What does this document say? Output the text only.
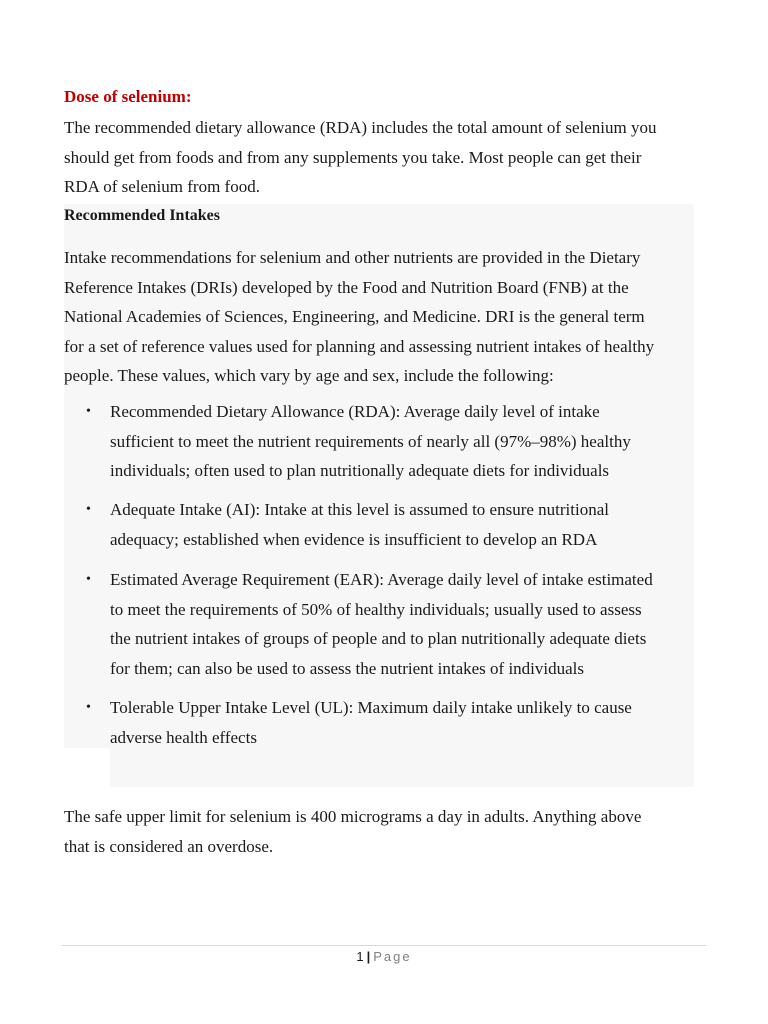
Dose of selenium:
The recommended dietary allowance (RDA) includes the total amount of selenium you
should get from foods and from any supplements you take. Most people can get their
RDA of selenium from food.
Recommended Intakes
Intake recommendations for selenium and other nutrients are provided in the Dietary
Reference Intakes (DRIs) developed by the Food and Nutrition Board (FNB) at the
National Academies of Sciences, Engineering, and Medicine. DRI is the general term
for a set of reference values used for planning and assessing nutrient intakes of healthy
people. These values, which vary by age and sex, include the following:
• Recommended Dietary Allowance (RDA): Average daily level of intake
sufficient to meet the nutrient requirements of nearly all (97%–98%) healthy
individuals; often used to plan nutritionally adequate diets for individuals
• Adequate Intake (AI): Intake at this level is assumed to ensure nutritional
adequacy; established when evidence is insufficient to develop an RDA
• Estimated Average Requirement (EAR): Average daily level of intake estimated
to meet the requirements of 50% of healthy individuals; usually used to assess
the nutrient intakes of groups of people and to plan nutritionally adequate diets
for them; can also be used to assess the nutrient intakes of individuals
• Tolerable Upper Intake Level (UL): Maximum daily intake unlikely to cause
adverse health effects
The safe upper limit for selenium is 400 micrograms a day in adults. Anything above
that is considered an overdose.
1 | Page
